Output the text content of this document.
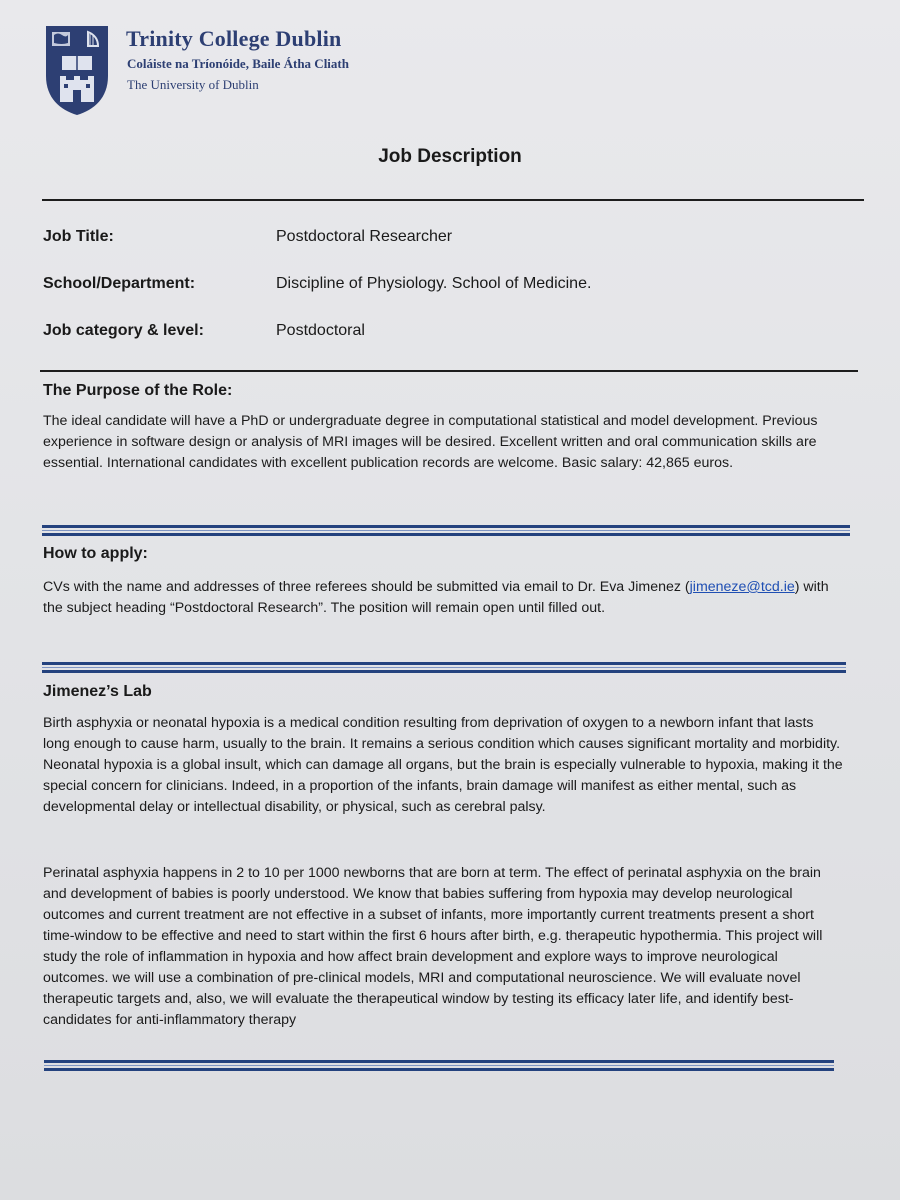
Trinity College Dublin
Coláiste na Tríonóide, Baile Átha Cliath
The University of Dublin
Job Description
Job Title:	Postdoctoral Researcher
School/Department:	Discipline of Physiology. School of Medicine.
Job category & level:	Postdoctoral
The Purpose of the Role:
The ideal candidate will have a PhD or undergraduate degree in computational statistical and model development. Previous experience in software design or analysis of MRI images will be desired. Excellent written and oral communication skills are essential. International candidates with excellent publication records are welcome. Basic salary: 42,865 euros.
How to apply:
CVs with the name and addresses of three referees should be submitted via email to Dr. Eva Jimenez (jimeneze@tcd.ie) with the subject heading “Postdoctoral Research”. The position will remain open until filled out.
Jimenez’s Lab
Birth asphyxia or neonatal hypoxia is a medical condition resulting from deprivation of oxygen to a newborn infant that lasts long enough to cause harm, usually to the brain. It remains a serious condition which causes significant mortality and morbidity. Neonatal hypoxia is a global insult, which can damage all organs, but the brain is especially vulnerable to hypoxia, making it the special concern for clinicians. Indeed, in a proportion of the infants, brain damage will manifest as either mental, such as developmental delay or intellectual disability, or physical, such as cerebral palsy.
Perinatal asphyxia happens in 2 to 10 per 1000 newborns that are born at term. The effect of perinatal asphyxia on the brain and development of babies is poorly understood. We know that babies suffering from hypoxia may develop neurological outcomes and current treatment are not effective in a subset of infants, more importantly current treatments present a short time-window to be effective and need to start within the first 6 hours after birth, e.g. therapeutic hypothermia. This project will study the role of inflammation in hypoxia and how affect brain development and explore ways to improve neurological outcomes. we will use a combination of pre-clinical models, MRI and computational neuroscience. We will evaluate novel therapeutic targets and, also, we will evaluate the therapeutical window by testing its efficacy later life, and identify best-candidates for anti-inflammatory therapy
